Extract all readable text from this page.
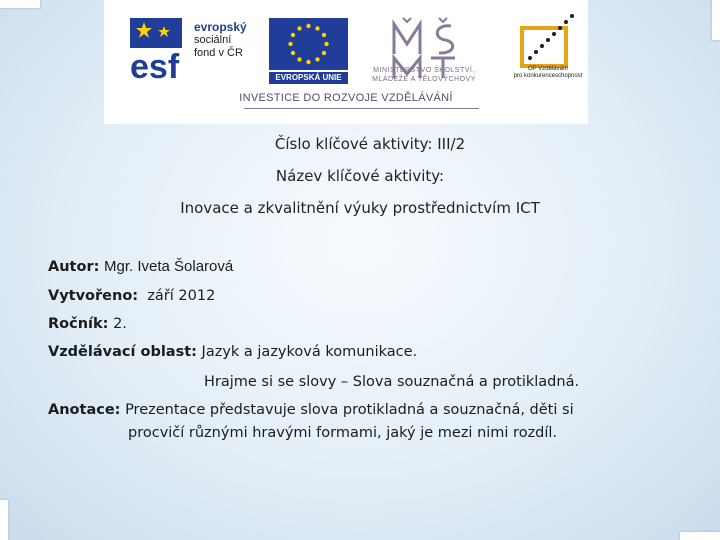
esf
evropský
sociální
fond v ČR
EVROPSKÁ UNIE
MINISTERSTVO ŠKOLSTVÍ,
MLÁDEŽE A TĚLOVÝCHOVY
OP Vzdělávání
pro konkurenceschopnost
INVESTICE DO ROZVOJE VZDĚLÁVÁNÍ
Číslo klíčové aktivity: III/2
Název klíčové aktivity:
Inovace a zkvalitnění výuky prostřednictvím ICT
Autor: Mgr. Iveta Šolarová
Vytvořeno: září 2012
Ročník: 2.
Vzdělávací oblast: Jazyk a jazyková komunikace.
Hrajme si se slovy – Slova souznačná a protikladná.
Anotace: Prezentace představuje slova protikladná a souznačná, děti si
procvičí různými hravými formami, jaký je mezi nimi rozdíl.
